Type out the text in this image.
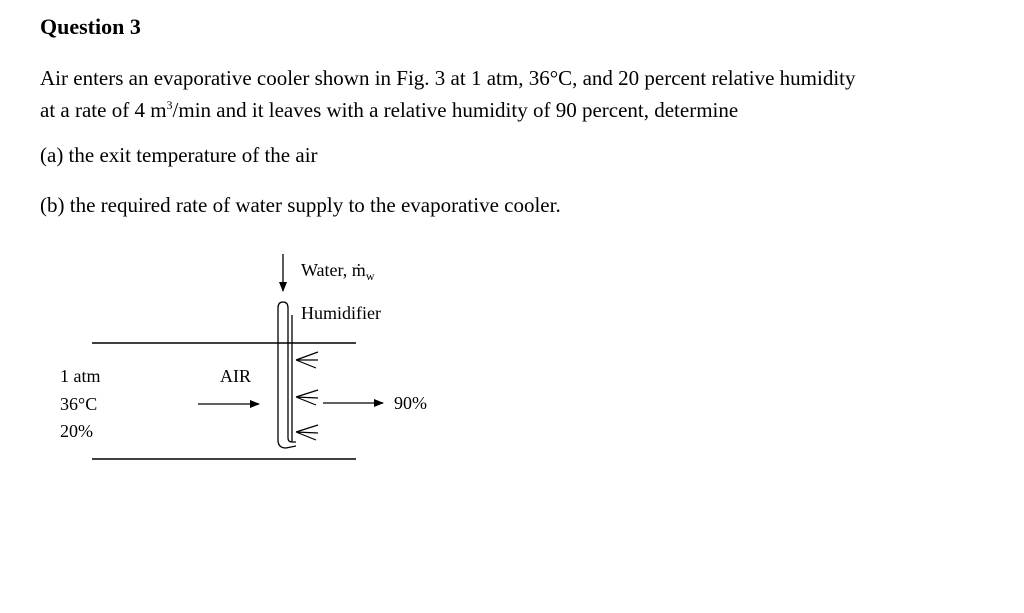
Question 3
Air enters an evaporative cooler shown in Fig. 3 at 1 atm, 36°C, and 20 percent relative humidity
at a rate of 4 $m^3/\min$ and it leaves with a relative humidity of 90 percent, determine
(a) the exit temperature of the air
(b) the required rate of water supply to the evaporative cooler.
Water, ṁ$_w$
Humidifier
1 atm
36°C
20%
AIR
90%
